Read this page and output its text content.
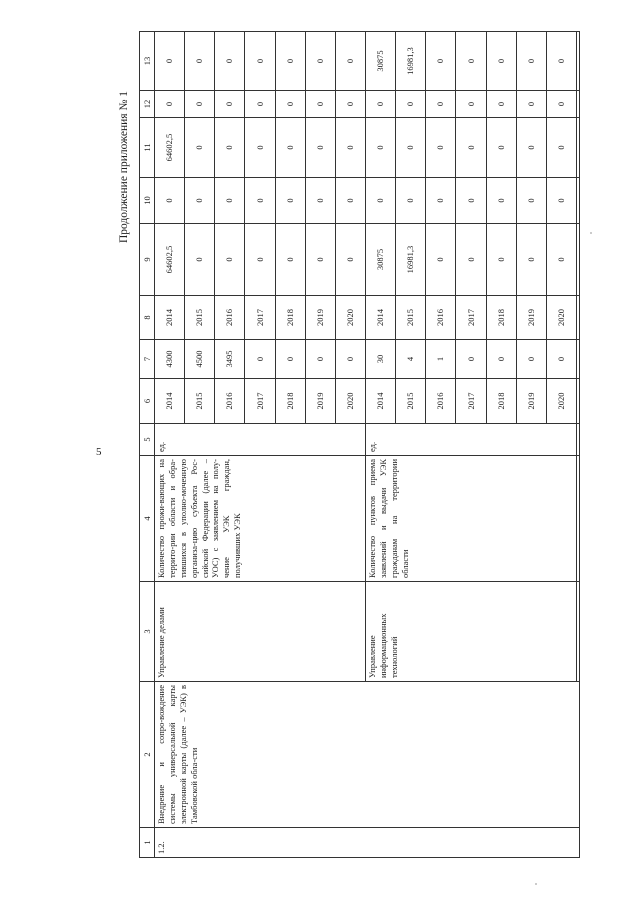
5
Продолжение приложения № 1
1	2	3	4	5	6	7	8	9	10	11	12	13
1.2.	Внедрение и сопро-вождение системы универсальной карты электронной карты (далее – УЭК) в Тамбовской обла-сти	Управление делами	Количество прожи-вающих на террито-рии области и обра-тившихся в уполно-моченную организа-цию субъекта Рос-сийской Федерации (далее – УОС) с заявлением на полу-чение УЭК граждан, получивших УЭК	ед.	2014	4300	2014	64602,5	0	64602,5	0	0
					2015	4500	2015	0	0	0	0	0
					2016	3495	2016	0	0	0	0	0
					2017	0	2017	0	0	0	0	0
					2018	0	2018	0	0	0	0	0
					2019	0	2019	0	0	0	0	0
					2020	0	2020	0	0	0	0	0
		Управление информационных технологий	Количество пунктов приема заявлений и выдачи УЭК гражданам на территории области	ед.	2014	30	2014	30875	0	0	0	30875
					2015	4	2015	16981,3	0	0	0	16981,3
					2016	1	2016	0	0	0	0	0
					2017	0	2017	0	0	0	0	0
					2018	0	2018	0	0	0	0	0
					2019	0	2019	0	0	0	0	0
					2020	0	2020	0	0	0	0	0
